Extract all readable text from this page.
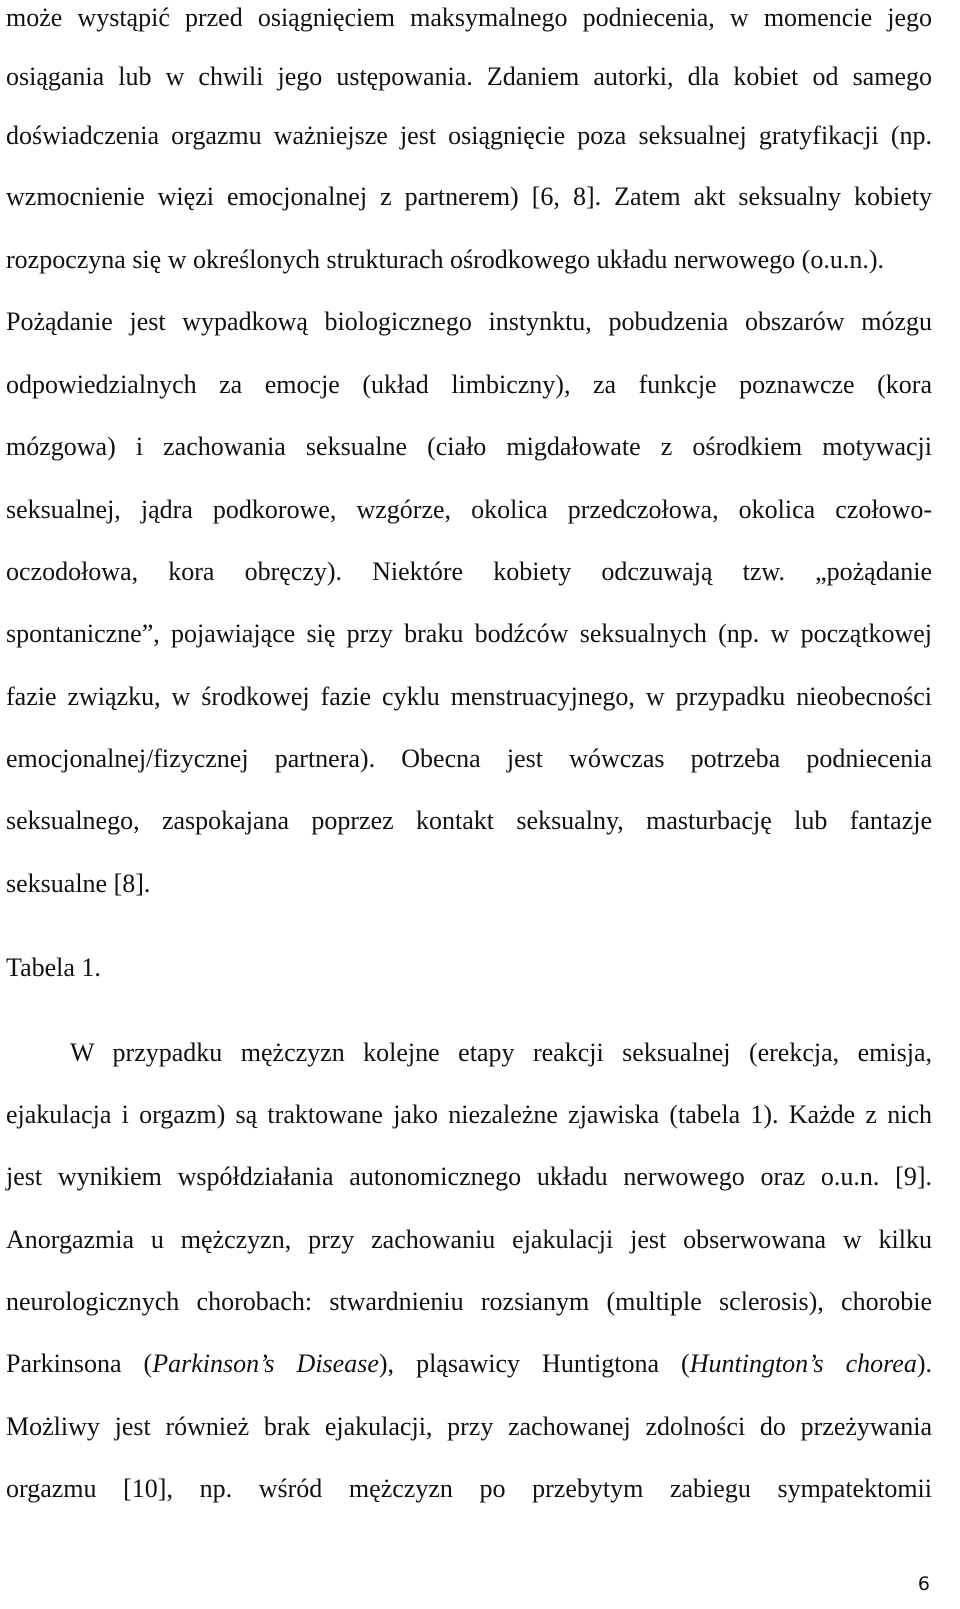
może wystąpić przed osiągnięciem maksymalnego podniecenia, w momencie jego
osiągania lub w chwili jego ustępowania. Zdaniem autorki, dla kobiet od samego
doświadczenia orgazmu ważniejsze jest osiągnięcie poza seksualnej gratyfikacji (np.
wzmocnienie więzi emocjonalnej z partnerem) [6, 8]. Zatem akt seksualny kobiety
rozpoczyna się w określonych strukturach ośrodkowego układu nerwowego (o.u.n.).
Pożądanie jest wypadkową biologicznego instynktu, pobudzenia obszarów mózgu
odpowiedzialnych za emocje (układ limbiczny), za funkcje poznawcze (kora
mózgowa) i zachowania seksualne (ciało migdałowate z ośrodkiem motywacji
seksualnej, jądra podkorowe, wzgórze, okolica przedczołowa, okolica czołowo-
oczodołowa, kora obręczy). Niektóre kobiety odczuwają tzw. „pożądanie
spontaniczne”, pojawiające się przy braku bodźców seksualnych (np. w początkowej
fazie związku, w środkowej fazie cyklu menstruacyjnego, w przypadku nieobecności
emocjonalnej/fizycznej partnera). Obecna jest wówczas potrzeba podniecenia
seksualnego, zaspokajana poprzez kontakt seksualny, masturbację lub fantazje
seksualne [8].
Tabela 1.
W przypadku mężczyzn kolejne etapy reakcji seksualnej (erekcja, emisja,
ejakulacja i orgazm) są traktowane jako niezależne zjawiska (tabela 1). Każde z nich
jest wynikiem współdziałania autonomicznego układu nerwowego oraz o.u.n. [9].
Anorgazmia u mężczyzn, przy zachowaniu ejakulacji jest obserwowana w kilku
neurologicznych chorobach: stwardnieniu rozsianym (multiple sclerosis), chorobie
Parkinsona (Parkinson’s Disease), pląsawicy Huntigtona (Huntington’s chorea).
Możliwy jest również brak ejakulacji, przy zachowanej zdolności do przeżywania
orgazmu [10], np. wśród mężczyzn po przebytym zabiegu sympatektomii
6
